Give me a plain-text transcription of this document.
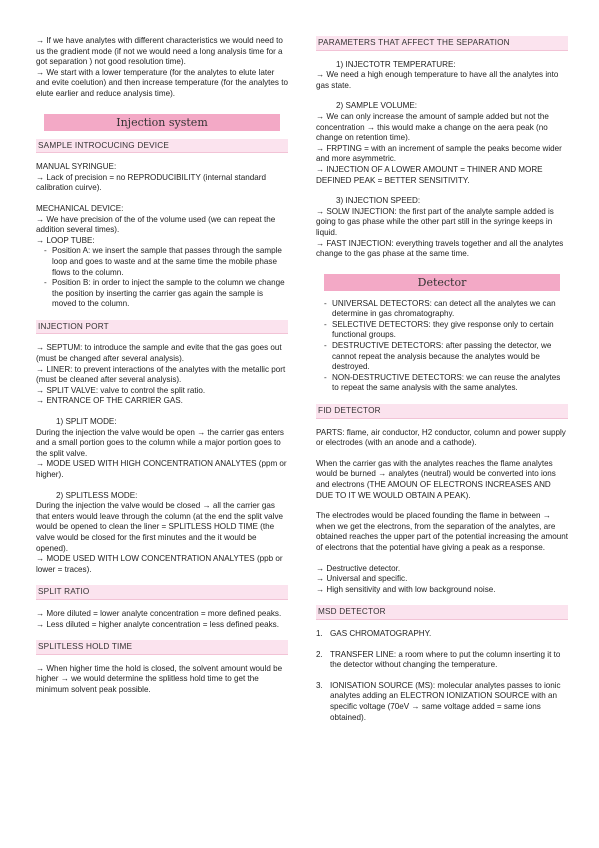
→ If we have analytes with different characteristics we would need to us the gradient mode (if not we would need a long analysis time for a got separation ) not good resolution time).

→ We start with a lower temperature (for the analytes to elute later and evite coelution) and then increase temperature (for the analytes to elute earlier and reduce analysis time).

Injection system
SAMPLE INTROCUCING DEVICE

MANUAL SYRINGUE:

→ Lack of precision = no REPRODUCIBILITY (internal standard calibration cuirve).

MECHANICAL DEVICE:

→ We have precision of the of the volume used (we can repeat the addition several times).

→ LOOP TUBE:

- Position A: we insert the sample that passes through the sample loop and goes to waste and at the same time the mobile phase flows to the column.
- Position B: in order to inject the sample to the column we change the position by inserting the carrier gas again the sample is moved to the column.
INJECTION PORT

→ SEPTUM: to introduce the sample and evite that the gas goes out (must be changed after several analysis).

→ LINER: to prevent interactions of the analytes with the metallic port (must be cleaned after several analysis).

→ SPLIT VALVE: valve to control the split ratio.

→ ENTRANCE OF THE CARRIER GAS.

1) SPLIT MODE:

During the injection the valve would be open → the carrier gas enters and a small portion goes to the column while a major portion goes to the split valve.

→ MODE USED WITH HIGH CONCENTRATION ANALYTES (ppm or higher).

2) SPLITLESS MODE:

During the injection the valve would be closed → all the carrier gas that enters would leave through the column (at the end the split valve would be opened to clean the liner = SPLITLESS HOLD TIME (the valve would be closed for the first minutes and the it would be opened).

→ MODE USED WITH LOW CONCENTRATION ANALYTES (ppb or lower = traces).

SPLIT RATIO

→ More diluted = lower analyte concentration = more defined peaks.

→ Less diluted = higher analyte concentration = less defined peaks.

SPLITLESS HOLD TIME

→ When higher time the hold is closed, the solvent amount would be higher → we would determine the splitless hold time to get the minimum solvent peak possible.

PARAMETERS THAT AFFECT THE SEPARATION

1) INJECTOTR TEMPERATURE:

→ We need a high enough temperature to have all the analytes into gas state.

2) SAMPLE VOLUME:

→ We can only increase the amount of sample added but not the concentration → this would make a change on the aera peak (no change on retention time).

→ FRPTING = with an increment of sample the peaks become wider and more asymmetric.

→ INJECTION OF A LOWER AMOUNT = THINER AND MORE DEFINED PEAK = BETTER SENSITIVITY.

3) INJECTION SPEED:

→ SOLW INJECTION: the first part of the analyte sample added is going to gas phase while the other part still in the syringe keeps in liquid.

→ FAST INJECTION: everything travels together and all the analytes change to the gas phase at the same time.

Detector
- UNIVERSAL DETECTORS: can detect all the analytes we can determine in gas chromatography.
- SELECTIVE DETECTORS: they give response only to certain functional groups.
- DESTRUCTIVE DETECTORS: after passing the detector, we cannot repeat the analysis because the analytes would be destroyed.
- NON-DESTRUCTIVE DETECTORS: we can reuse the analytes to repeat the same analysis with the same analytes.
FID DETECTOR

PARTS: flame, air conductor, H2 conductor, column and power supply or electrodes (with an anode and a cathode).

When the carrier gas with the analytes reaches the flame analytes would be burned → analytes (neutral) would be converted into ions and electrons (THE AMOUN OF ELECTRONS INCREASES AND DUE TO IT WE WOULD OBTAIN A PEAK).

The electrodes would be placed founding the flame in between → when we get the electrons, from the separation of the analytes, are obtained reaches the upper part of the potential increasing the amount of electrons that the potential have giving a peak as a response.

→ Destructive detector.

→ Universal and specific.

→ High sensitivity and with low background noise.

MSD DETECTOR
1. GAS CHROMATOGRAPHY.
2. TRANSFER LINE: a room where to put the column inserting it to the detector without changing the temperature.
3. IONISATION SOURCE (MS): molecular analytes passes to ionic analytes adding an ELECTRON IONIZATION SOURCE with an specific voltage (70eV → same voltage added = same ions obtained).
